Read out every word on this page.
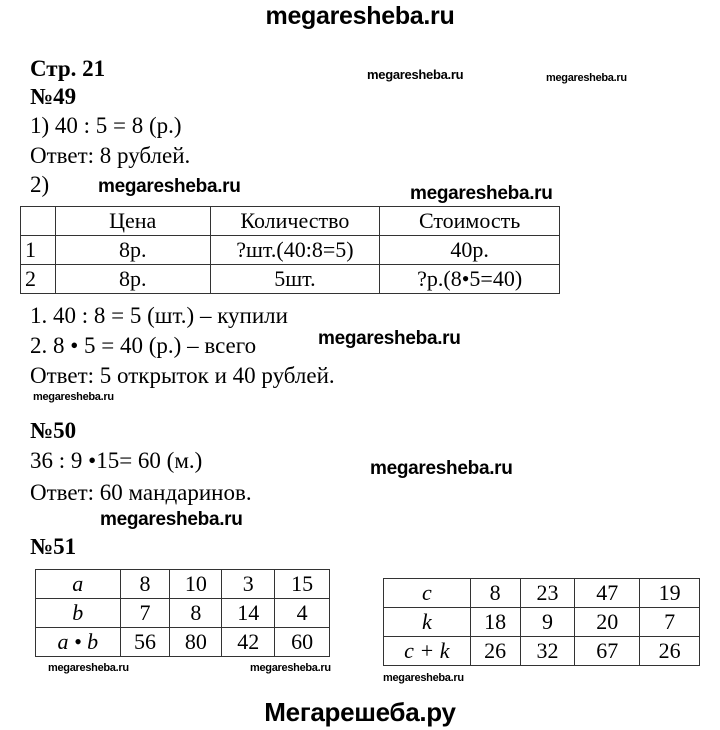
megaresheba.ru
Стр. 21	megaresheba.ru	megaresheba.ru
№49
1) 40 : 5 = 8 (р.)
Ответ: 8 рублей.
2)	megaresheba.ru	megaresheba.ru
	Цена	Количество	Стоимость
1	8р.	?шт.(40:8=5)	40р.
2	8р.	5шт.	?р.(8•5=40)
1. 40 : 8 = 5 (шт.) – купили
2. 8 • 5 = 40 (р.) – всего	megaresheba.ru
Ответ: 5 открыток и 40 рублей.
megaresheba.ru
№50
36 : 9 •15= 60 (м.)	megaresheba.ru
Ответ: 60 мандаринов.
megaresheba.ru
№51
a	8	10	3	15
b	7	8	14	4
a • b	56	80	42	60
c	8	23	47	19
k	18	9	20	7
c + k	26	32	67	26
megaresheba.ru	megaresheba.ru
megaresheba.ru
Мегарешеба.ру
